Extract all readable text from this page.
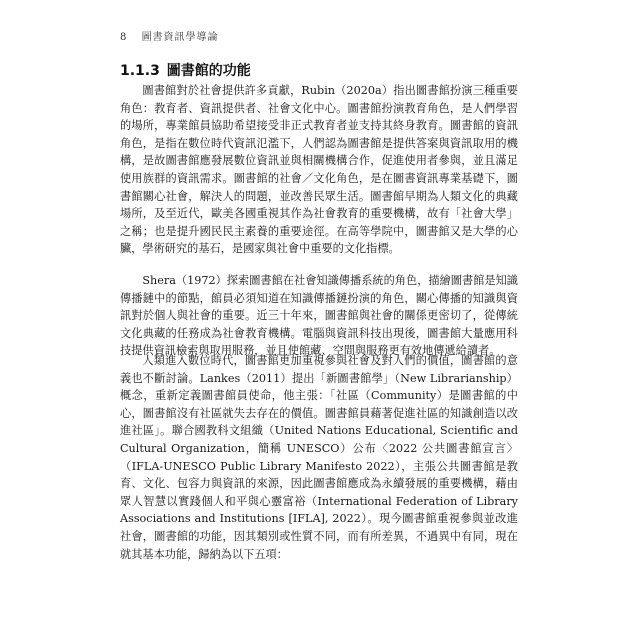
8 圖書資訊學導論
1.1.3 圖書館的功能

圖書館對於社會提供許多貢獻，Rubin（2020a）指出圖書館扮演三種重要角色：教育者、資訊提供者、社會文化中心。圖書館扮演教育角色，是人們學習的場所，專業館員協助希望接受非正式教育者並支持其終身教育。圖書館的資訊角色，是指在數位時代資訊氾濫下，人們認為圖書館是提供答案與資訊取用的機構，是故圖書館應發展數位資訊並與相關機構合作，促進使用者參與，並且滿足使用族群的資訊需求。圖書館的社會／文化角色，是在圖書資訊專業基礎下，圖書館關心社會，解決人的問題，並改善民眾生活。圖書館早期為人類文化的典藏場所，及至近代，歐美各國重視其作為社會教育的重要機構，故有「社會大學」之稱；也是提升國民民主素養的重要途徑。在高等學院中，圖書館又是大學的心臟，學術研究的基石，是國家與社會中重要的文化指標。

Shera（1972）探索圖書館在社會知識傳播系統的角色，描繪圖書館是知識傳播鏈中的節點，館員必須知道在知識傳播鏈扮演的角色，關心傳播的知識與資訊對於個人與社會的重要。近三十年來，圖書館與社會的關係更密切了，從傳統文化典藏的任務成為社會教育機構。電腦與資訊科技出現後，圖書館大量應用科技提供資訊檢索與取用服務，並且使館藏、空間與服務更有效地傳遞給讀者。

人類進入數位時代，圖書館更加重視參與社會及對人們的價值，圖書館的意義也不斷討論。Lankes（2011）提出「新圖書館學」（New Librarianship）概念，重新定義圖書館員使命，他主張：「社區（Community）是圖書館的中心，圖書館沒有社區就失去存在的價值。圖書館員藉著促進社區的知識創造以改進社區」。聯合國教科文組織（United Nations Educational, Scientific and Cultural Organization，簡稱 UNESCO）公布〈2022 公共圖書館宣言〉（IFLA-UNESCO Public Library Manifesto 2022），主張公共圖書館是教育、文化、包容力與資訊的來源，因此圖書館應成為永續發展的重要機構，藉由眾人智慧以實踐個人和平與心靈富裕（International Federation of Library Associations and Institutions [IFLA], 2022）。現今圖書館重視參與並改進社會，圖書館的功能，因其類別或性質不同，而有所差異，不過異中有同，現在就其基本功能，歸納為以下五項：
